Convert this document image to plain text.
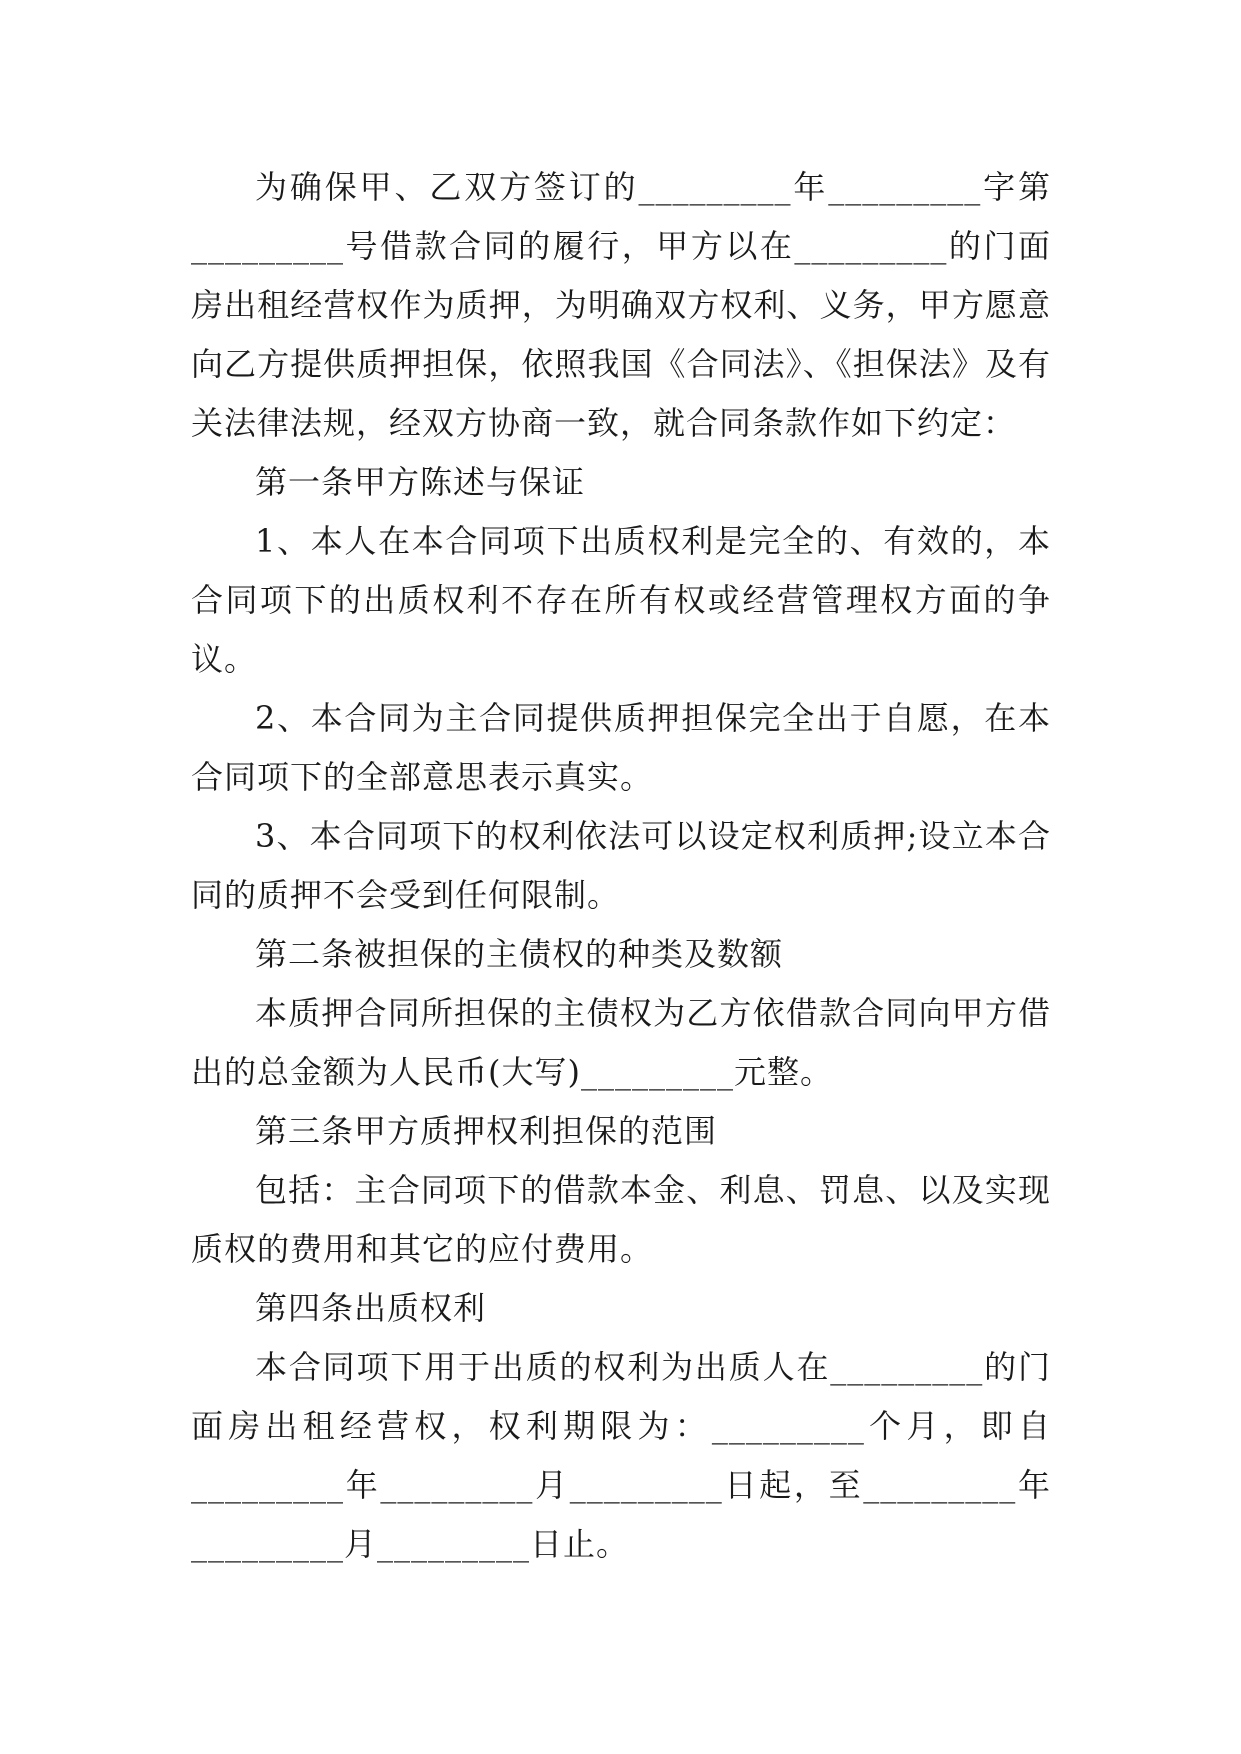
为确保甲、乙双方签订的_________年_________字第_________号借款合同的履行，甲方以在_________的门面房出租经营权作为质押，为明确双方权利、义务，甲方愿意向乙方提供质押担保，依照我国《合同法》、《担保法》及有关法律法规，经双方协商一致，就合同条款作如下约定：

第一条甲方陈述与保证

1、本人在本合同项下出质权利是完全的、有效的，本合同项下的出质权利不存在所有权或经营管理权方面的争议。

2、本合同为主合同提供质押担保完全出于自愿，在本合同项下的全部意思表示真实。

3、本合同项下的权利依法可以设定权利质押;设立本合同的质押不会受到任何限制。

第二条被担保的主债权的种类及数额

本质押合同所担保的主债权为乙方依借款合同向甲方借出的总金额为人民币(大写)_________元整。

第三条甲方质押权利担保的范围

包括：主合同项下的借款本金、利息、罚息、以及实现质权的费用和其它的应付费用。

第四条出质权利

本合同项下用于出质的权利为出质人在_________的门面房出租经营权，权利期限为：_________个月，即自_________年_________月_________日起，至_________年_________月_________日止。
